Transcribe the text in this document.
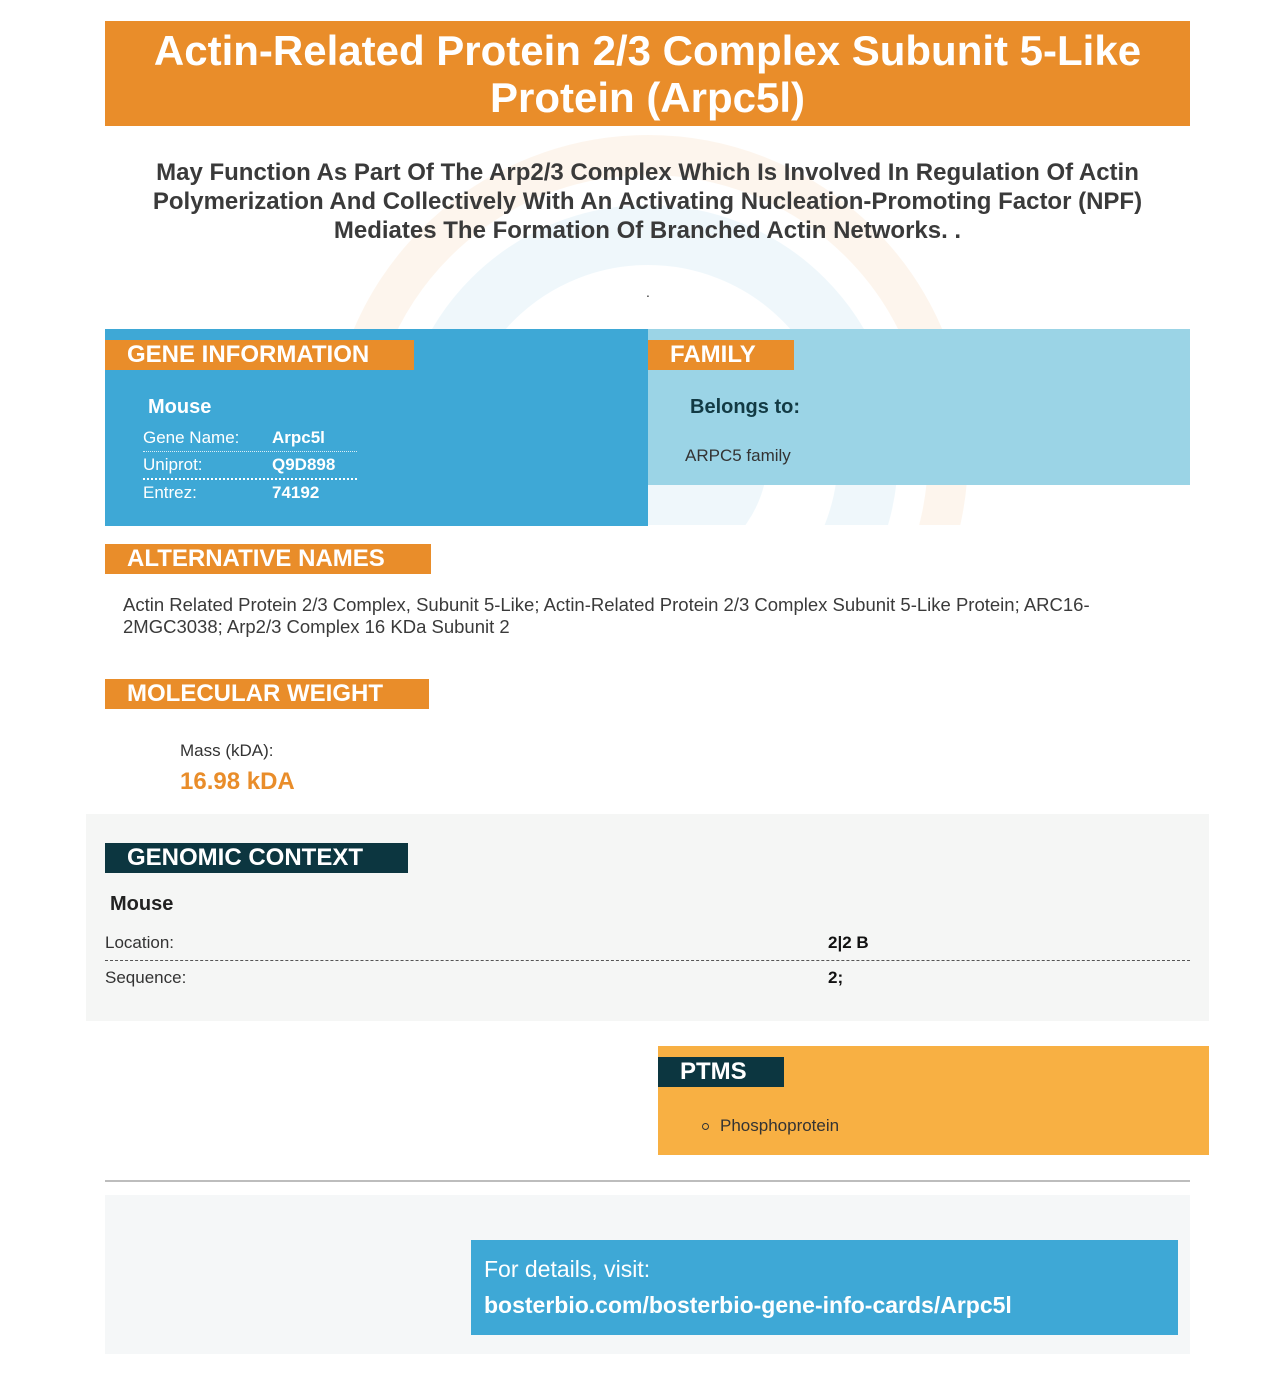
Actin-Related Protein 2/3 Complex Subunit 5-Like Protein (Arpc5l)
May Function As Part Of The Arp2/3 Complex Which Is Involved In Regulation Of Actin Polymerization And Collectively With An Activating Nucleation-Promoting Factor (NPF) Mediates The Formation Of Branched Actin Networks. .
.
GENE INFORMATION
Mouse
Gene Name: Arpc5l
Uniprot:	Q9D898
Entrez:	74192
FAMILY
Belongs to:
ARPC5 family
ALTERNATIVE NAMES
Actin Related Protein 2/3 Complex, Subunit 5-Like; Actin-Related Protein 2/3 Complex Subunit 5-Like Protein; ARC16-2MGC3038; Arp2/3 Complex 16 KDa Subunit 2
MOLECULAR WEIGHT
Mass (kDA):
16.98 kDA
GENOMIC CONTEXT
Mouse
Location:	2|2 B
Sequence:	2;
PTMS
Phosphoprotein
For details, visit:
bosterbio.com/bosterbio-gene-info-cards/Arpc5l
